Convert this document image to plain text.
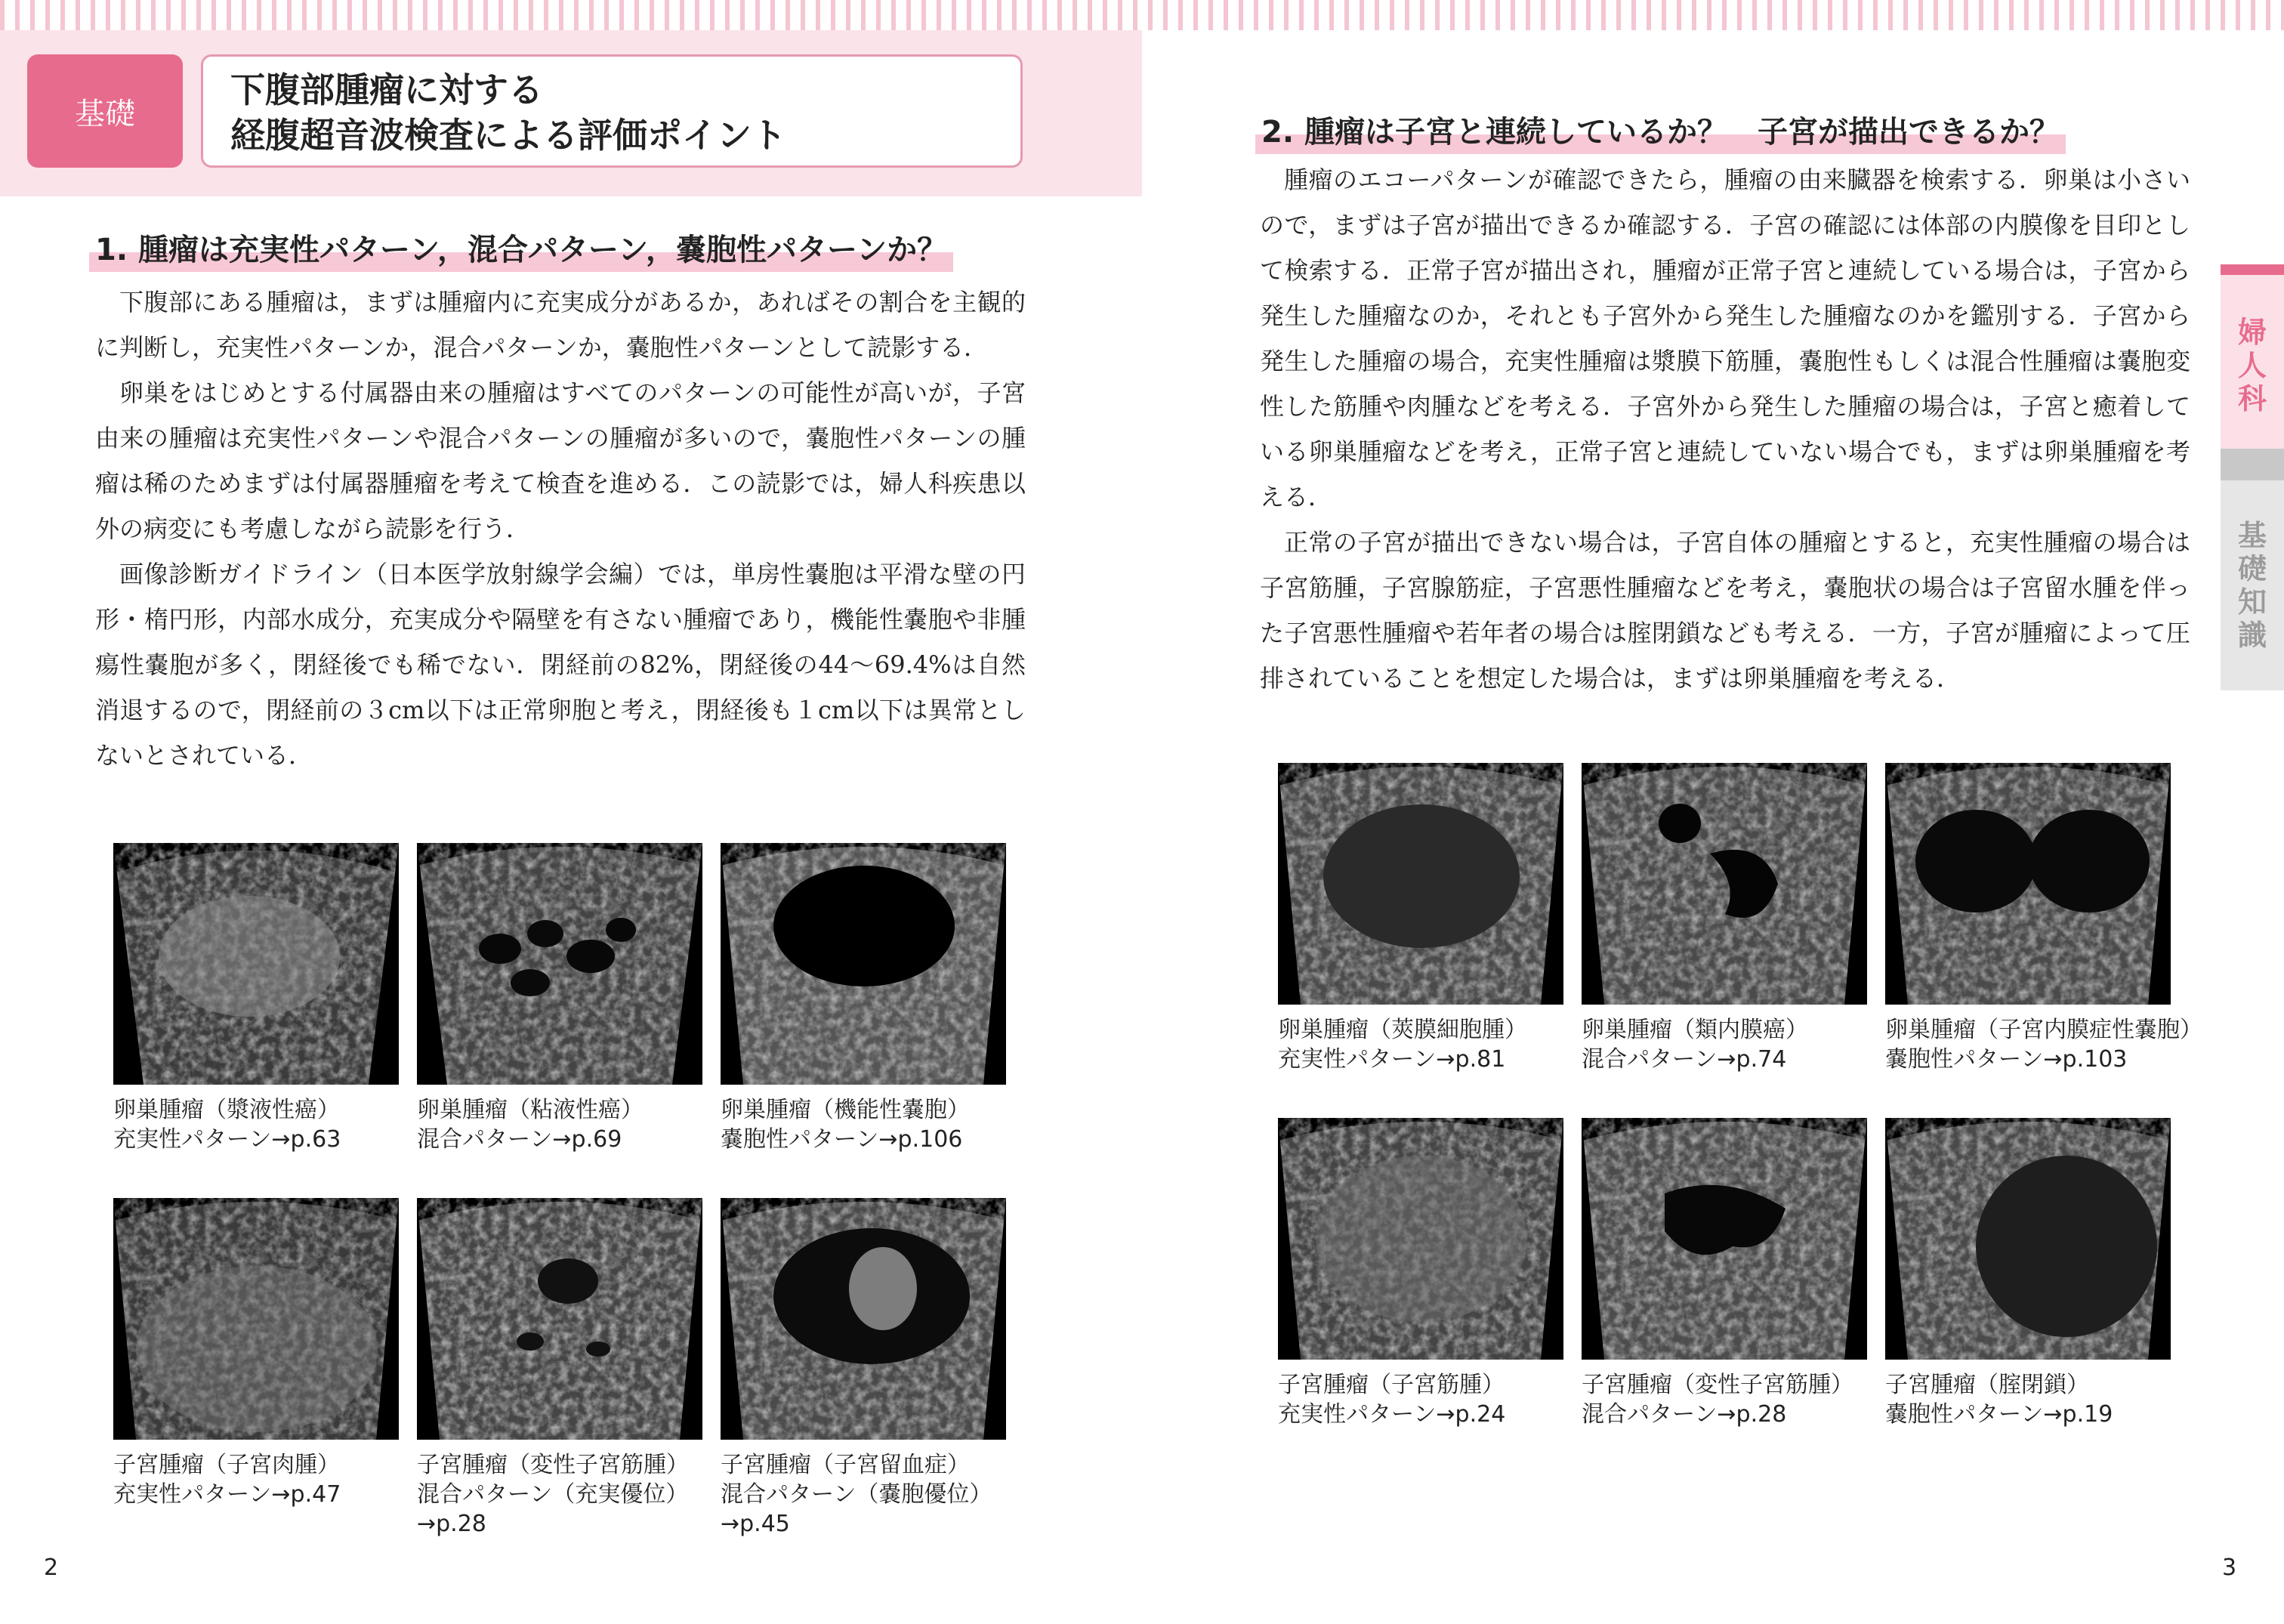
基礎
下腹部腫瘤に対する
経腹超音波検査による評価ポイント
1. 腫瘤は充実性パターン，混合パターン，嚢胞性パターンか？

下腹部にある腫瘤は，まずは腫瘤内に充実成分があるか，あればその割合を主観的に判断し，充実性パターンか，混合パターンか，嚢胞性パターンとして読影する．

卵巣をはじめとする付属器由来の腫瘤はすべてのパターンの可能性が高いが，子宮由来の腫瘤は充実性パターンや混合パターンの腫瘤が多いので，嚢胞性パターンの腫瘤は稀のためまずは付属器腫瘤を考えて検査を進める．この読影では，婦人科疾患以外の病変にも考慮しながら読影を行う．

画像診断ガイドライン（日本医学放射線学会編）では，単房性嚢胞は平滑な壁の円形・楕円形，内部水成分，充実成分や隔壁を有さない腫瘤であり，機能性嚢胞や非腫瘍性嚢胞が多く，閉経後でも稀でない．閉経前の82%，閉経後の44〜69.4%は自然消退するので，閉経前の３cm以下は正常卵胞と考え，閉経後も１cm以下は異常としないとされている．

2. 腫瘤は子宮と連続しているか？　子宮が描出できるか？

腫瘤のエコーパターンが確認できたら，腫瘤の由来臓器を検索する．卵巣は小さいので，まずは子宮が描出できるか確認する．子宮の確認には体部の内膜像を目印として検索する．正常子宮が描出され，腫瘤が正常子宮と連続している場合は，子宮から発生した腫瘤なのか，それとも子宮外から発生した腫瘤なのかを鑑別する．子宮から発生した腫瘤の場合，充実性腫瘤は漿膜下筋腫，嚢胞性もしくは混合性腫瘤は嚢胞変性した筋腫や肉腫などを考える．子宮外から発生した腫瘤の場合は，子宮と癒着している卵巣腫瘤などを考え，正常子宮と連続していない場合でも，まずは卵巣腫瘤を考える．

正常の子宮が描出できない場合は，子宮自体の腫瘤とすると，充実性腫瘤の場合は子宮筋腫，子宮腺筋症，子宮悪性腫瘤などを考え，嚢胞状の場合は子宮留水腫を伴った子宮悪性腫瘤や若年者の場合は腟閉鎖なども考える．一方，子宮が腫瘤によって圧排されていることを想定した場合は，まずは卵巣腫瘤を考える．

卵巣腫瘤（漿液性癌）
充実性パターン→p.63
卵巣腫瘤（粘液性癌）
混合パターン→p.69
卵巣腫瘤（機能性嚢胞）
嚢胞性パターン→p.106
子宮腫瘤（子宮肉腫）
充実性パターン→p.47
子宮腫瘤（変性子宮筋腫）
混合パターン（充実優位）
→p.28
子宮腫瘤（子宮留血症）
混合パターン（嚢胞優位）
→p.45
卵巣腫瘤（莢膜細胞腫）
充実性パターン→p.81
卵巣腫瘤（類内膜癌）
混合パターン→p.74
卵巣腫瘤（子宮内膜症性嚢胞）
嚢胞性パターン→p.103
子宮腫瘤（子宮筋腫）
充実性パターン→p.24
子宮腫瘤（変性子宮筋腫）
混合パターン→p.28
子宮腫瘤（腟閉鎖）
嚢胞性パターン→p.19
婦
人
科
基
礎
知
識
2	3
